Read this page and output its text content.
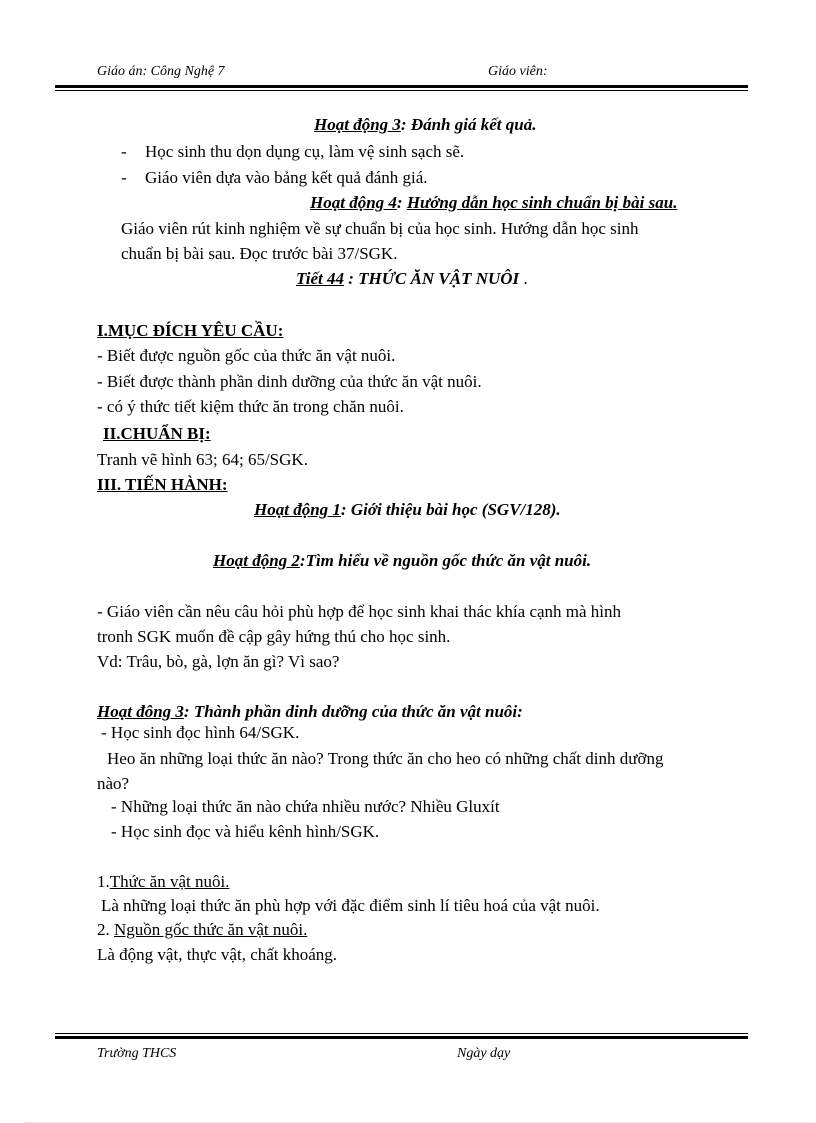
Giáo án: Công Nghệ 7	Giáo viên:
Hoạt động 3: Đánh giá kết quả.
- Học sinh thu dọn dụng cụ, làm vệ sinh sạch sẽ.
- Giáo viên dựa vào bảng kết quả đánh giá.
Hoạt động 4: Hướng dẫn học sinh chuẩn bị bài sau.
Giáo viên rút kinh nghiệm về sự chuẩn bị của học sinh. Hướng dẫn học sinh
chuẩn bị bài sau. Đọc trước bài 37/SGK.
Tiết 44 : THỨC ĂN VẬT NUÔI .
I.MỤC ĐÍCH YÊU CẦU:
- Biết được nguồn gốc của thức ăn vật nuôi.
- Biết được thành phần dinh dưỡng của thức ăn vật nuôi.
- có ý thức tiết kiệm thức ăn trong chăn nuôi.
II.CHUẨN BỊ:
Tranh vẽ hình 63; 64; 65/SGK.
III. TIẾN HÀNH:
Hoạt động 1: Giới thiệu bài học (SGV/128).
Hoạt động 2:Tìm hiểu về nguồn gốc thức ăn vật nuôi.
- Giáo viên cần nêu câu hỏi phù hợp để học sinh khai thác khía cạnh mà hình
tronh SGK muốn đề cập gây hứng thú cho học sinh.
Vd: Trâu, bò, gà, lợn ăn gì? Vì sao?
Hoạt đông 3: Thành phần dinh dưỡng của thức ăn vật nuôi:
- Học sinh đọc hình 64/SGK.
Heo ăn những loại thức ăn nào? Trong thức ăn cho heo có những chất dinh dưỡng
nào?
- Những loại thức ăn nào chứa nhiều nước? Nhiều Gluxít
- Học sinh đọc và hiểu kênh hình/SGK.
1.Thức ăn vật nuôi.
Là những loại thức ăn phù hợp với đặc điểm sinh lí tiêu hoá của vật nuôi.
2. Nguồn gốc thức ăn vật nuôi.
Là động vật, thực vật, chất khoáng.
Trường THCS	Ngày dạy
